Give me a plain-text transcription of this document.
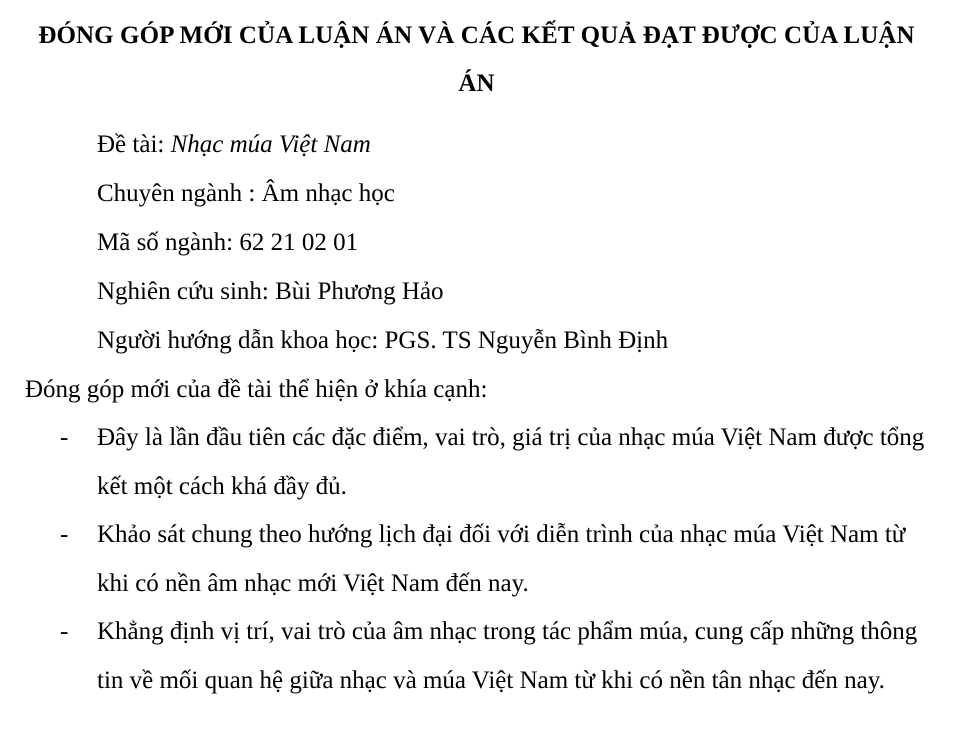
ĐÓNG GÓP MỚI CỦA LUẬN ÁN VÀ CÁC KẾT QUẢ ĐẠT ĐƯỢC CỦA LUẬN ÁN
Đề tài: Nhạc múa Việt Nam
Chuyên ngành : Âm nhạc học
Mã số ngành: 62 21 02 01
Nghiên cứu sinh: Bùi Phương Hảo
Người hướng dẫn khoa học: PGS. TS Nguyễn Bình Định
Đóng góp mới của đề tài thể hiện ở khía cạnh:
- Đây là lần đầu tiên các đặc điểm, vai trò, giá trị của nhạc múa Việt Nam được tổng kết một cách khá đầy đủ.
- Khảo sát chung theo hướng lịch đại đối với diễn trình của nhạc múa Việt Nam từ khi có nền âm nhạc mới Việt Nam đến nay.
- Khẳng định vị trí, vai trò của âm nhạc trong tác phẩm múa, cung cấp những thông tin về mối quan hệ giữa nhạc và múa Việt Nam từ khi có nền tân nhạc đến nay.
